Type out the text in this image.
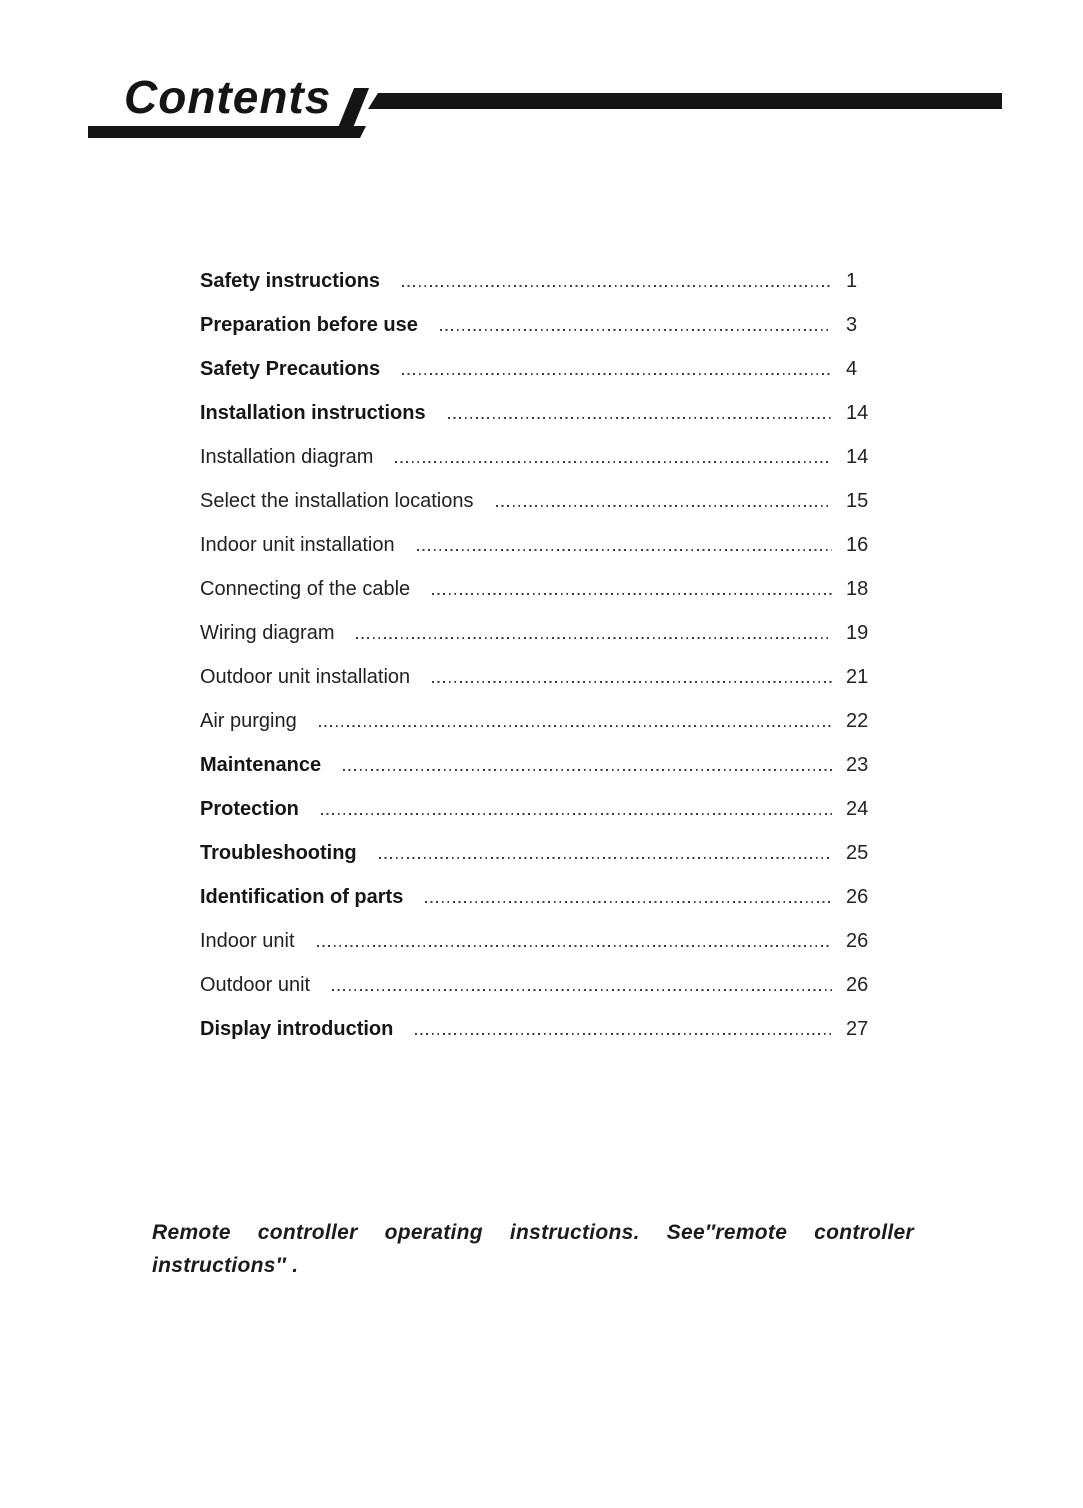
Contents
Safety instructions	1
Preparation before use	3
Safety Precautions	4
Installation instructions	14
Installation diagram	14
Select the installation locations	15
Indoor unit installation	16
Connecting of the cable	18
Wiring diagram	19
Outdoor unit installation	21
Air purging	22
Maintenance	23
Protection	24
Troubleshooting	25
Identification of parts	26
Indoor unit	26
Outdoor unit	26
Display introduction	27
Remote controller operating instructions. See″remote controller
instructions″ .
